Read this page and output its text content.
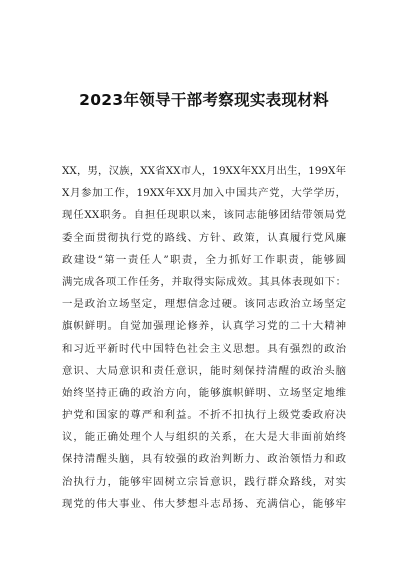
2023年领导干部考察现实表现材料
XX，男，汉族，XX省XX市人，19XX年XX月出生，199X年
X月参加工作，19XX年XX月加入中国共产党，大学学历，
现任XX职务。自担任现职以来，该同志能够团结带领局党
委全面贯彻执行党的路线、方针、政策，认真履行党风廉
政建设“第一责任人”职责，全力抓好工作职责，能够圆
满完成各项工作任务，并取得实际成效。其具体表现如下：
一是政治立场坚定，理想信念过硬。该同志政治立场坚定
旗帜鲜明。自觉加强理论修养，认真学习党的二十大精神
和习近平新时代中国特色社会主义思想。具有强烈的政治
意识、大局意识和责任意识，能时刻保持清醒的政治头脑
始终坚持正确的政治方向，能够旗帜鲜明、立场坚定地维
护党和国家的尊严和利益。不折不扣执行上级党委政府决
议，能正确处理个人与组织的关系，在大是大非面前始终
保持清醒头脑，具有较强的政治判断力、政治领悟力和政
治执行力，能够牢固树立宗旨意识，践行群众路线，对实
现党的伟大事业、伟大梦想斗志昂扬、充满信心，能够牢
